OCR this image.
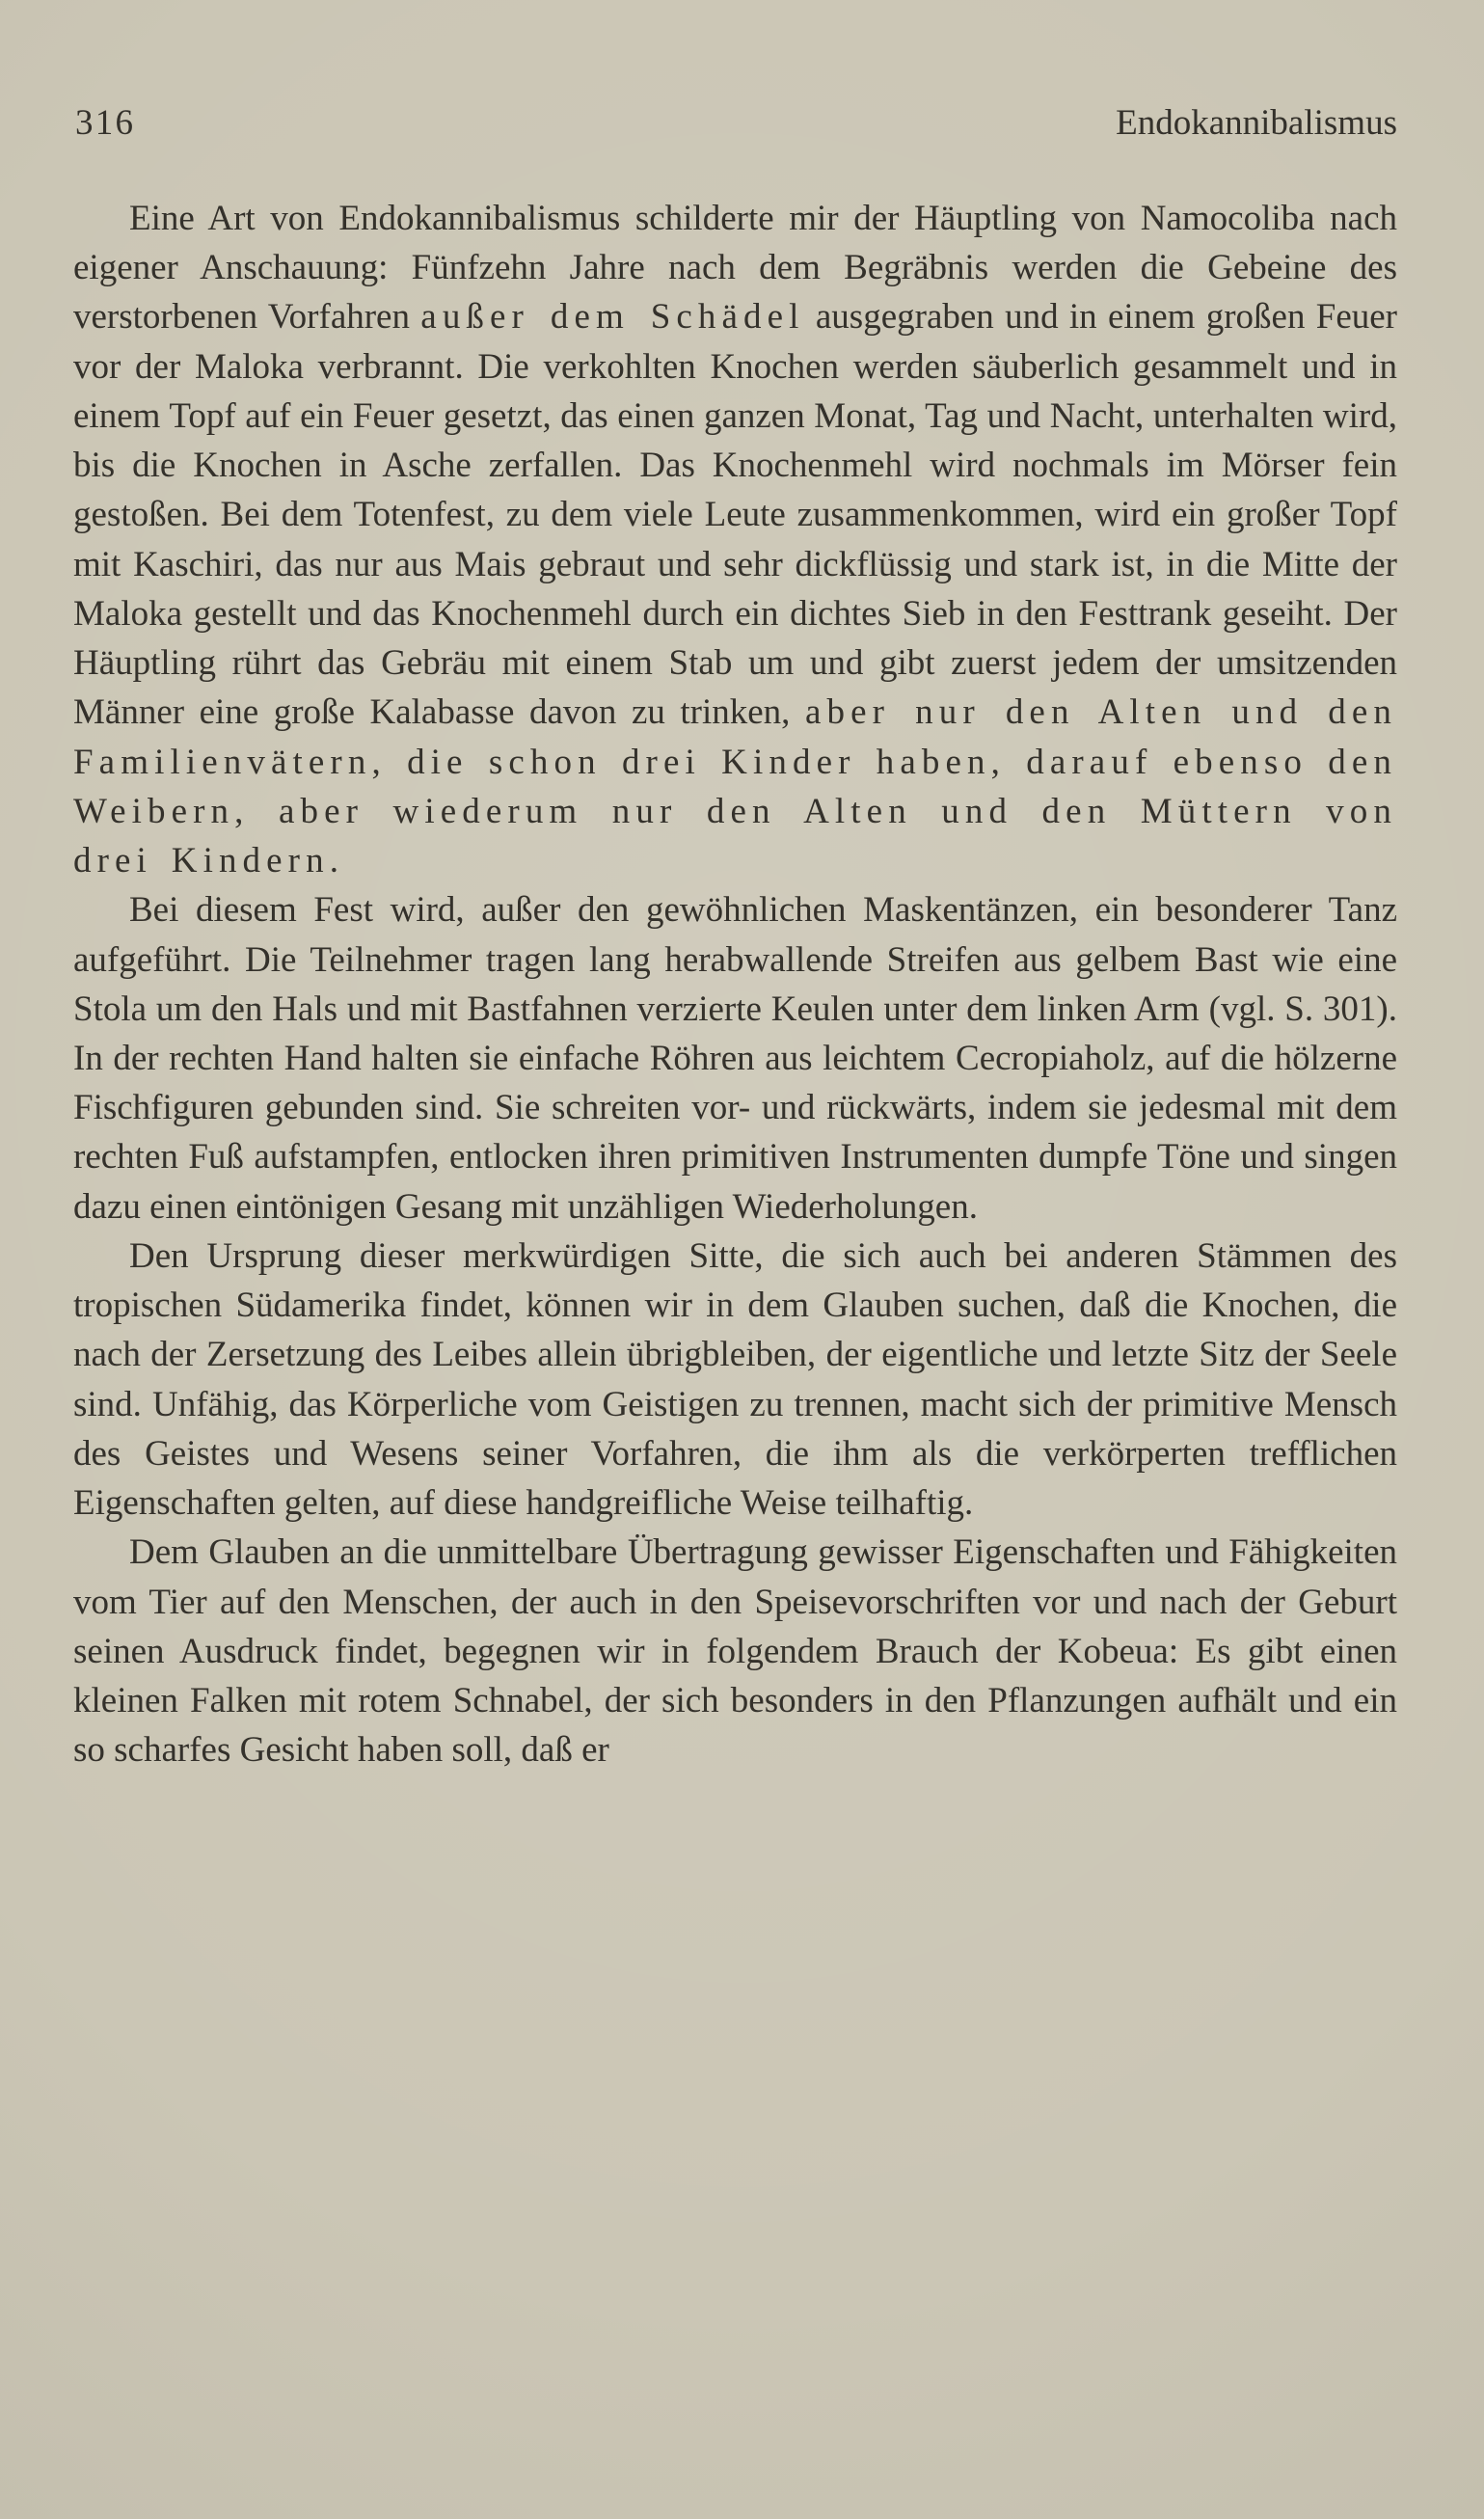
316	Endokannibalismus

Eine Art von Endokannibalismus schilderte mir der Häuptling von Namocoliba nach eigener Anschauung: Fünfzehn Jahre nach dem Begräbnis werden die Gebeine des verstorbenen Vorfahren außer dem Schädel ausgegraben und in einem großen Feuer vor der Maloka verbrannt. Die verkohlten Knochen werden säuberlich gesammelt und in einem Topf auf ein Feuer gesetzt, das einen ganzen Monat, Tag und Nacht, unterhalten wird, bis die Knochen in Asche zerfallen. Das Knochenmehl wird nochmals im Mörser fein gestoßen. Bei dem Totenfest, zu dem viele Leute zusammenkommen, wird ein großer Topf mit Kaschiri, das nur aus Mais gebraut und sehr dickflüssig und stark ist, in die Mitte der Maloka gestellt und das Knochenmehl durch ein dichtes Sieb in den Festtrank geseiht. Der Häuptling rührt das Gebräu mit einem Stab um und gibt zuerst jedem der umsitzenden Männer eine große Kalabasse davon zu trinken, aber nur den Alten und den Familienvätern, die schon drei Kinder haben, darauf ebenso den Weibern, aber wiederum nur den Alten und den Müttern von drei Kindern.

Bei diesem Fest wird, außer den gewöhnlichen Maskentänzen, ein besonderer Tanz aufgeführt. Die Teilnehmer tragen lang herabwallende Streifen aus gelbem Bast wie eine Stola um den Hals und mit Bastfahnen verzierte Keulen unter dem linken Arm (vgl. S. 301). In der rechten Hand halten sie einfache Röhren aus leichtem Cecropiaholz, auf die hölzerne Fischfiguren gebunden sind. Sie schreiten vor- und rückwärts, indem sie jedesmal mit dem rechten Fuß aufstampfen, entlocken ihren primitiven Instrumenten dumpfe Töne und singen dazu einen eintönigen Gesang mit unzähligen Wiederholungen.

Den Ursprung dieser merkwürdigen Sitte, die sich auch bei anderen Stämmen des tropischen Südamerika findet, können wir in dem Glauben suchen, daß die Knochen, die nach der Zersetzung des Leibes allein übrigbleiben, der eigentliche und letzte Sitz der Seele sind. Unfähig, das Körperliche vom Geistigen zu trennen, macht sich der primitive Mensch des Geistes und Wesens seiner Vorfahren, die ihm als die verkörperten trefflichen Eigenschaften gelten, auf diese handgreifliche Weise teilhaftig.

Dem Glauben an die unmittelbare Übertragung gewisser Eigenschaften und Fähigkeiten vom Tier auf den Menschen, der auch in den Speisevorschriften vor und nach der Geburt seinen Ausdruck findet, begegnen wir in folgendem Brauch der Kobeua: Es gibt einen kleinen Falken mit rotem Schnabel, der sich besonders in den Pflanzungen aufhält und ein so scharfes Gesicht haben soll, daß er
